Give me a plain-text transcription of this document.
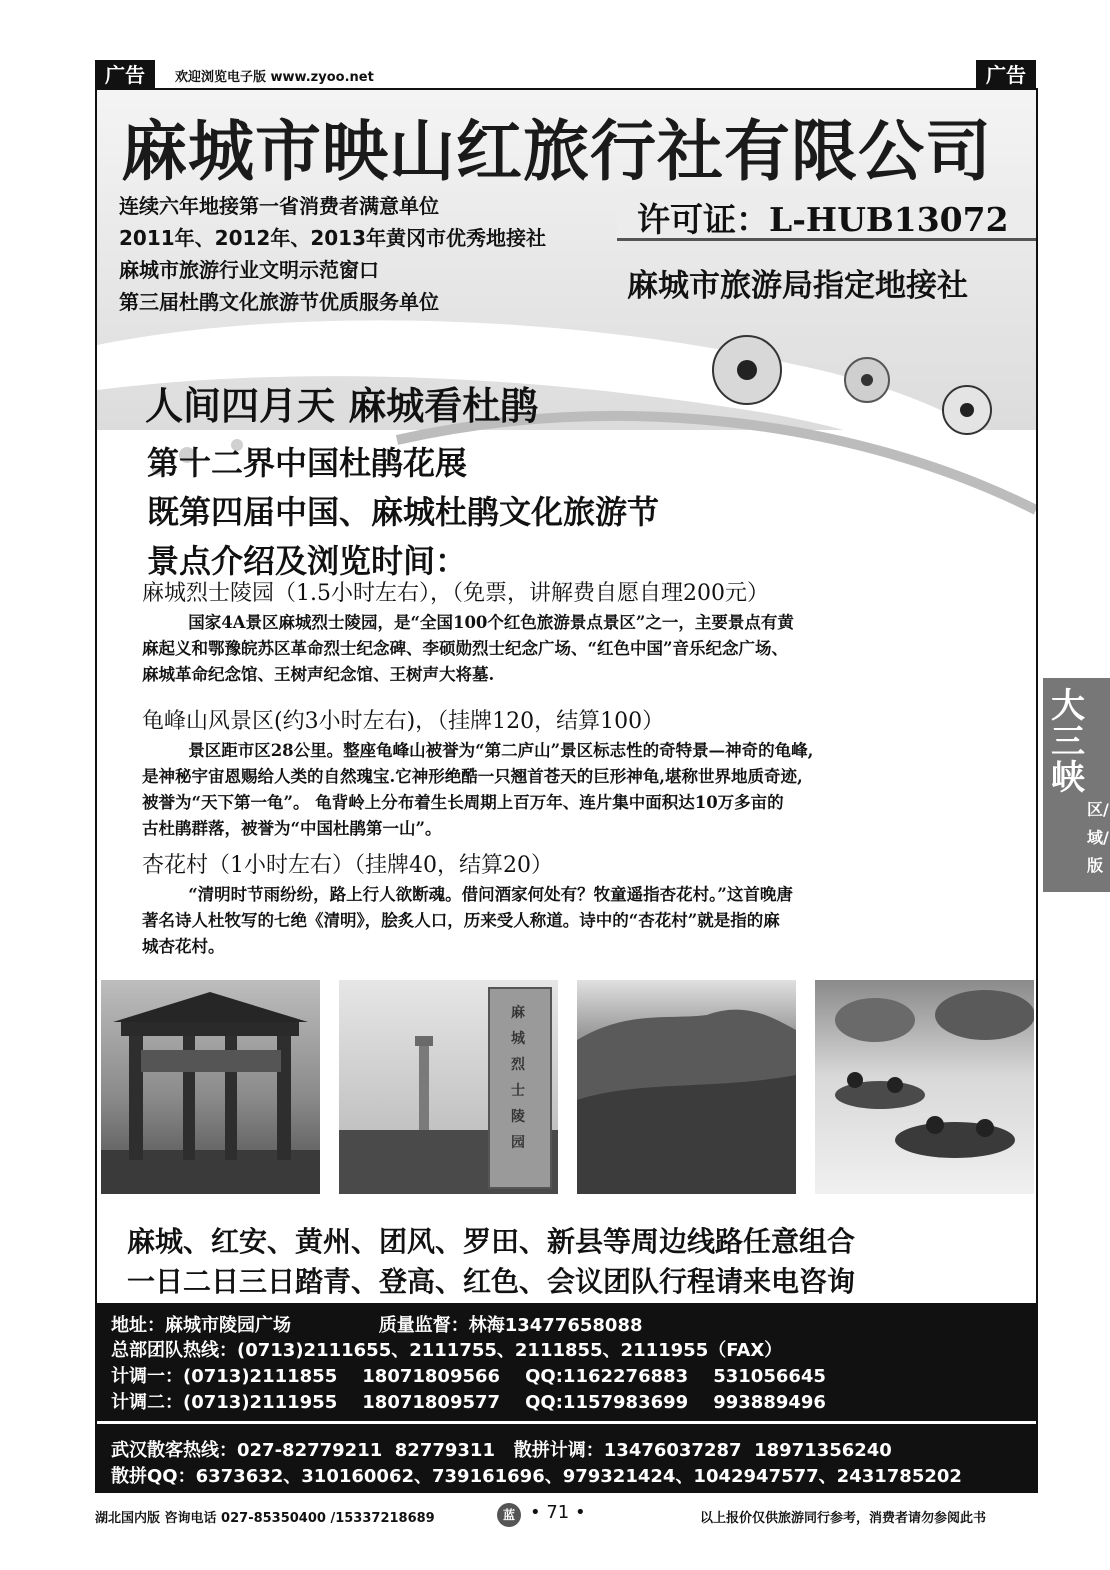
广告	欢迎浏览电子版 www.zyoo.net	广告
麻城市映山红旅行社有限公司
连续六年地接第一省消费者满意单位
2011年、2012年、2013年黄冈市优秀地接社
麻城市旅游行业文明示范窗口
第三届杜鹃文化旅游节优质服务单位
许可证：L-HUB13072
麻城市旅游局指定地接社
人间四月天 麻城看杜鹃
第十二界中国杜鹃花展
既第四届中国、麻城杜鹃文化旅游节
景点介绍及浏览时间：
麻城烈士陵园（1.5小时左右），（免票，讲解费自愿自理200元）

国家4A景区麻城烈士陵园，是“全国100个红色旅游景点景区”之一，主要景点有黄

麻起义和鄂豫皖苏区革命烈士纪念碑、李硕勋烈士纪念广场、“红色中国”音乐纪念广场、

麻城革命纪念馆、王树声纪念馆、王树声大将墓.

龟峰山风景区(约3小时左右)，（挂牌120，结算100）

景区距市区28公里。整座龟峰山被誉为“第二庐山”景区标志性的奇特景—神奇的龟峰,

是神秘宇宙恩赐给人类的自然瑰宝.它神形绝酷一只翘首苍天的巨形神龟,堪称世界地质奇迹,

被誉为“天下第一龟”。 龟背岭上分布着生长周期上百万年、连片集中面积达10万多亩的

古杜鹃群落，被誉为“中国杜鹃第一山”。

杏花村（1小时左右）（挂牌40，结算20）

“清明时节雨纷纷，路上行人欲断魂。借问酒家何处有？牧童遥指杏花村。”这首晚唐

著名诗人杜牧写的七绝《清明》，脍炙人口，历来受人称道。诗中的“杏花村”就是指的麻

城杏花村。

麻城烈士陵园
麻城、红安、黄州、团风、罗田、新县等周边线路任意组合
一日二日三日踏青、登高、红色、会议团队行程请来电咨询
地址：麻城市陵园广场              质量监督：林海13477658088
总部团队热线：(0713)2111655、2111755、2111855、2111955（FAX）
计调一：(0713)2111855    18071809566    QQ:1162276883    531056645
计调二：(0713)2111955    18071809577    QQ:1157983699    993889496
武汉散客热线：027-82779211  82779311   散拼计调：13476037287  18971356240
散拼QQ：6373632、310160062、739161696、979321424、1042947577、2431785202
大三峡
区/域/版
湖北国内版 咨询电话 027-85350400 /15337218689	蓝 • 71 •	以上报价仅供旅游同行参考，消费者请勿参阅此书
